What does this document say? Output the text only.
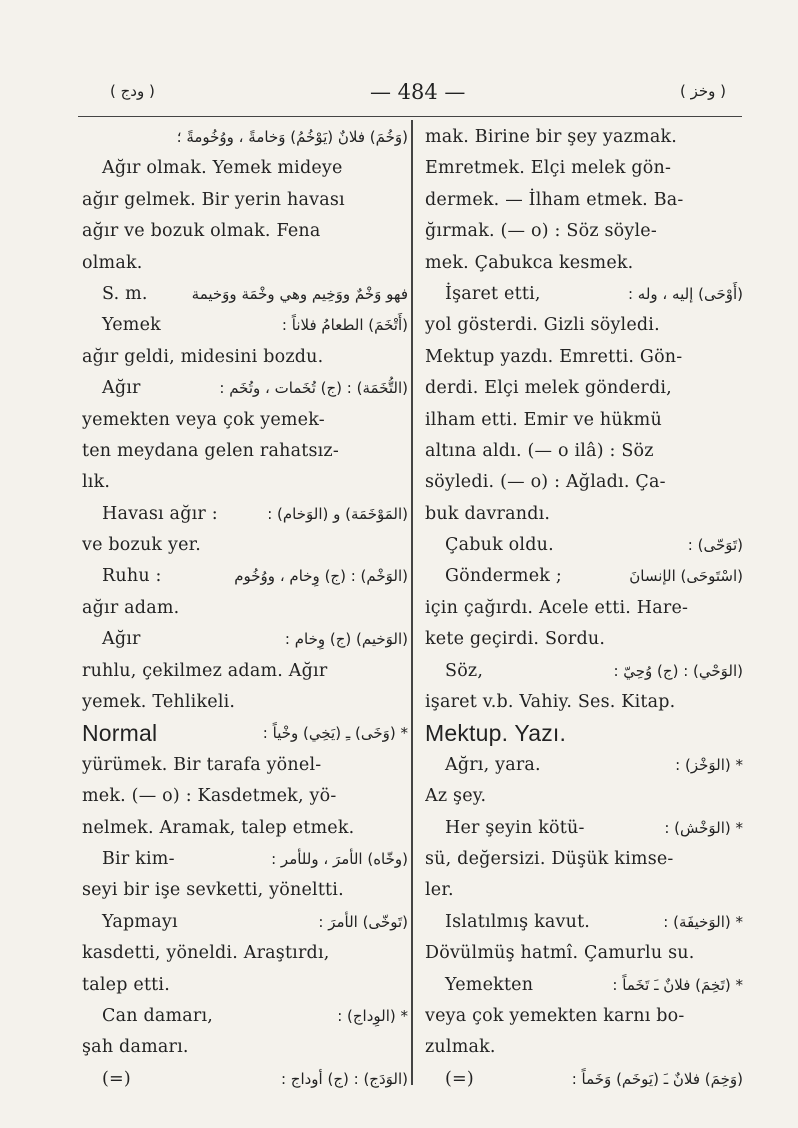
( ودج )	— 484 —	( وخز )
(وَخُمَ) فلانٌ (يَوْخُمُ) وَخامةً ، ووُخُومةً ؛
Ağır olmak. Yemek mideye
ağır gelmek. Bir yerin havası
ağır ve bozuk olmak. Fena
olmak.
S. m.	فهو وَخْمٌ ووَخِيم وهي وخْمَة ووَخيمة
Yemek	(أَتْخَمَ) الطعامُ فلاناً :
ağır geldi, midesini bozdu.
Ağır	(التُّخَمَة) : (ج) تُخَمات ، وتُخَم :
yemekten veya çok yemek-
ten meydana gelen rahatsız-
lık.
Havası ağır :	(المَوْخَمَة) و (الوَخام) :
ve bozuk yer.
Ruhu :	(الوَخْم) : (ج) وِخام ، ووُخُوم
ağır adam.
Ağır	(الوَخيم) (ج) وِخام :
ruhlu, çekilmez adam. Ağır
yemek. Tehlikeli.
Normal	* (وَخَى) ـِ (يَخِي) وخْياً :
yürümek. Bir tarafa yönel-
mek. (— o) : Kasdetmek, yö-
nelmek. Aramak, talep etmek.
Bir kim-	(وخّاه) الأمرَ ، وللأمر :
seyi bir işe sevketti, yöneltti.
Yapmayı	(تَوخّى) الأمرَ :
kasdetti, yöneldi. Araştırdı,
talep etti.
Can damarı,	* (الوِداج) :
şah damarı.
(=)	(الوَدَج) : (ج) أوداج :
mak. Birine bir şey yazmak.
Emretmek. Elçi melek gön-
dermek. — İlham etmek. Ba-
ğırmak. (— o) : Söz söyle-
mek. Çabukca kesmek.
İşaret etti,	(أَوْحَى) إليه ، وله :
yol gösterdi. Gizli söyledi.
Mektup yazdı. Emretti. Gön-
derdi. Elçi melek gönderdi,
ilham etti. Emir ve hükmü
altına aldı. (— o ilâ) : Söz
söyledi. (— o) : Ağladı. Ça-
buk davrandı.
Çabuk oldu.	(تَوَحّى) :
Göndermek ;	(اسْتَوحَى) الإنسانَ
için çağırdı. Acele etti. Hare-
kete geçirdi. Sordu.
Söz,	(الوَحْي) : (ج) وُحِيّ :
işaret v.b. Vahiy. Ses. Kitap.
Mektup. Yazı.
Ağrı, yara.	* (الوَخْز) :
Az şey.
Her şeyin kötü-	* (الوَخْش) :
sü, değersizi. Düşük kimse-
ler.
Islatılmış kavut.	* (الوَخيفَة) :
Dövülmüş hatmî. Çamurlu su.
Yemekten	* (تَخِمَ) فلانٌ ـَ تَخَماً :
veya çok yemekten karnı bo-
zulmak.
(=)	(وَخِمَ) فلانٌ ـَ (يَوخَم) وَخَماً :
